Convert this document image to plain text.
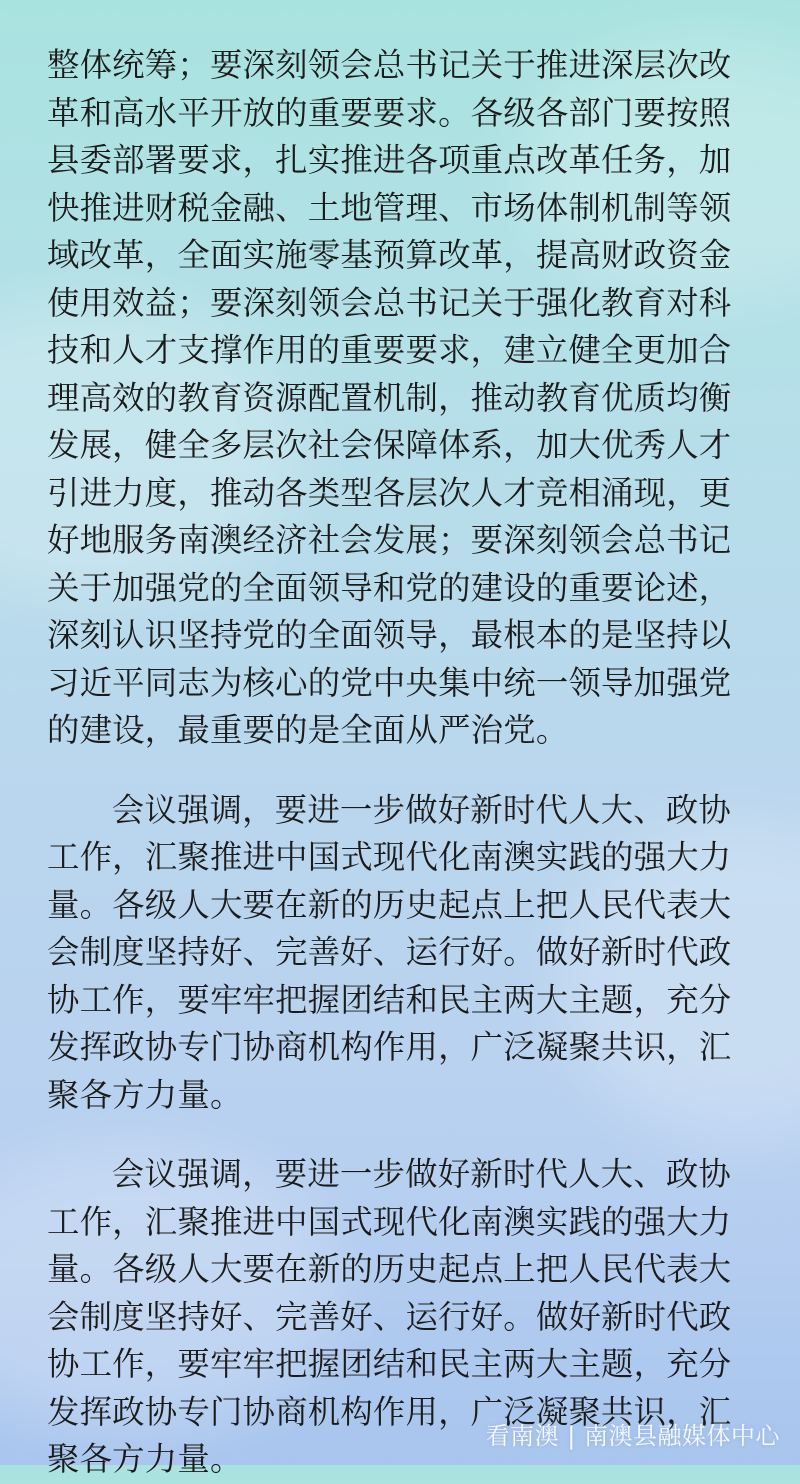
整体统筹；要深刻领会总书记关于推进深层次改革和高水平开放的重要要求。各级各部门要按照县委部署要求，扎实推进各项重点改革任务，加快推进财税金融、土地管理、市场体制机制等领域改革，全面实施零基预算改革，提高财政资金使用效益；要深刻领会总书记关于强化教育对科技和人才支撑作用的重要要求，建立健全更加合理高效的教育资源配置机制，推动教育优质均衡发展，健全多层次社会保障体系，加大优秀人才引进力度，推动各类型各层次人才竞相涌现，更好地服务南澳经济社会发展；要深刻领会总书记关于加强党的全面领导和党的建设的重要论述，深刻认识坚持党的全面领导，最根本的是坚持以习近平同志为核心的党中央集中统一领导加强党的建设，最重要的是全面从严治党。

会议强调，要进一步做好新时代人大、政协工作，汇聚推进中国式现代化南澳实践的强大力量。各级人大要在新的历史起点上把人民代表大会制度坚持好、完善好、运行好。做好新时代政协工作，要牢牢把握团结和民主两大主题，充分发挥政协专门协商机构作用，广泛凝聚共识，汇聚各方力量。

会议强调，要进一步做好新时代人大、政协工作，汇聚推进中国式现代化南澳实践的强大力量。各级人大要在新的历史起点上把人民代表大会制度坚持好、完善好、运行好。做好新时代政协工作，要牢牢把握团结和民主两大主题，充分发挥政协专门协商机构作用，广泛凝聚共识，汇聚各方力量。

看南澳 | 南澳县融媒体中心
